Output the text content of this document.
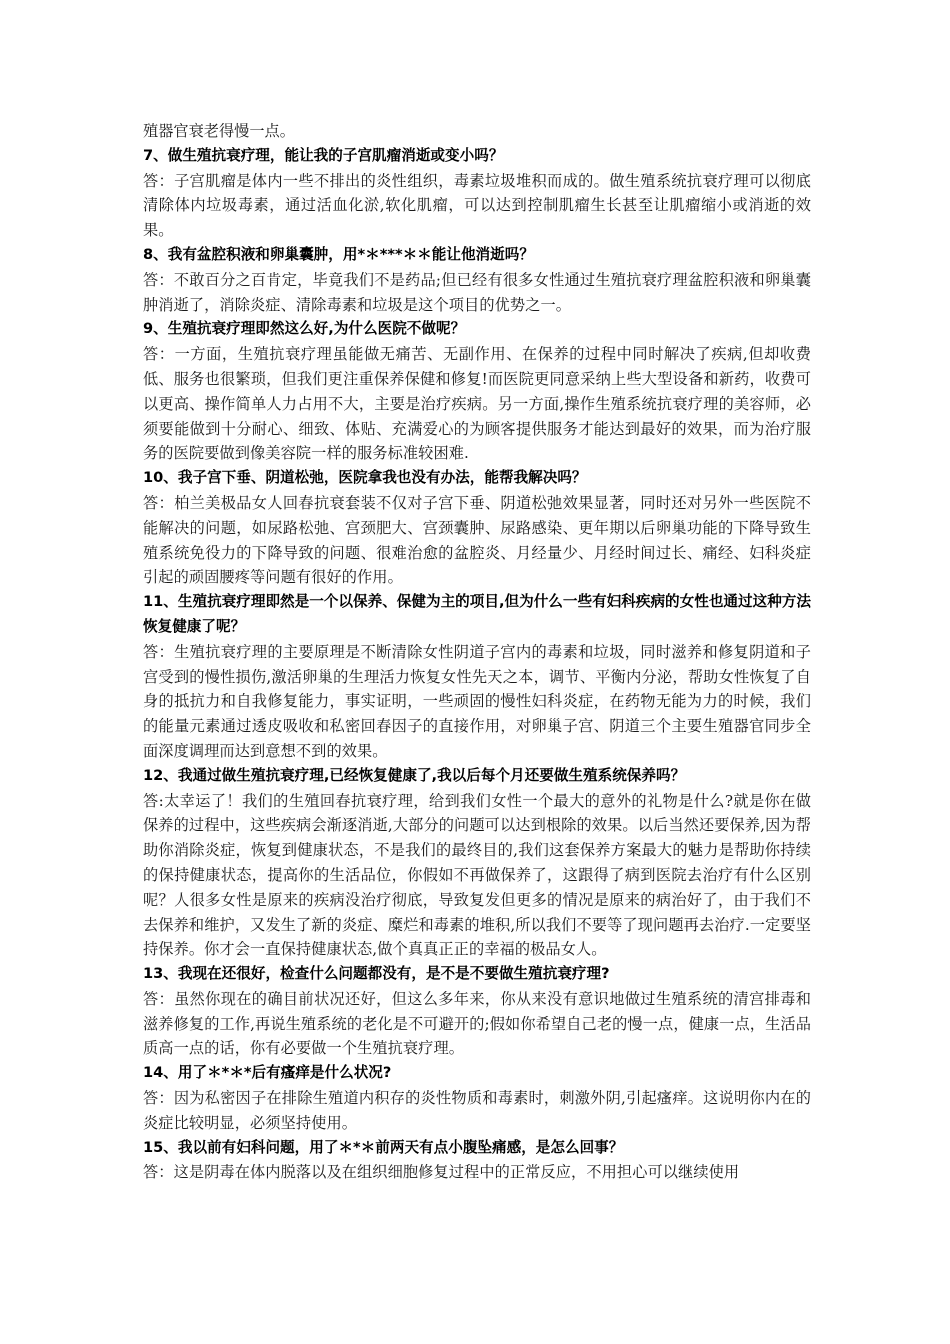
殖器官衰老得慢一点。

7、做生殖抗衰疗理，能让我的子宫肌瘤消逝或变小吗？

答：子宫肌瘤是体内一些不排出的炎性组织，毒素垃圾堆积而成的。做生殖系统抗衰疗理可以彻底清除体内垃圾毒素，通过活血化淤,软化肌瘤，可以达到控制肌瘤生长甚至让肌瘤缩小或消逝的效果。

8、我有盆腔积液和卵巢囊肿，用*＊***＊＊能让他消逝吗？

答：不敢百分之百肯定，毕竟我们不是药品;但已经有很多女性通过生殖抗衰疗理盆腔积液和卵巢囊肿消逝了，消除炎症、清除毒素和垃圾是这个项目的优势之一。

9、生殖抗衰疗理即然这么好,为什么医院不做呢？

答：一方面，生殖抗衰疗理虽能做无痛苦、无副作用、在保养的过程中同时解决了疾病,但却收费低、服务也很繁琐，但我们更注重保养保健和修复!而医院更同意采纳上些大型设备和新药，收费可以更高、操作简单人力占用不大，主要是治疗疾病。另一方面,操作生殖系统抗衰疗理的美容师，必须要能做到十分耐心、细致、体贴、充满爱心的为顾客提供服务才能达到最好的效果，而为治疗服务的医院要做到像美容院一样的服务标准较困难.

10、我子宫下垂、阴道松弛，医院拿我也没有办法，能帮我解决吗？

答：柏兰美极品女人回春抗衰套装不仅对子宫下垂、阴道松弛效果显著，同时还对另外一些医院不能解决的问题，如尿路松弛、宫颈肥大、宫颈囊肿、尿路感染、更年期以后卵巢功能的下降导致生殖系统免役力的下降导致的问题、很难治愈的盆腔炎、月经量少、月经时间过长、痛经、妇科炎症引起的顽固腰疼等问题有很好的作用。

11、生殖抗衰疗理即然是一个以保养、保健为主的项目,但为什么一些有妇科疾病的女性也通过这种方法恢复健康了呢？

答：生殖抗衰疗理的主要原理是不断清除女性阴道子宫内的毒素和垃圾，同时滋养和修复阴道和子宫受到的慢性损伤,激活卵巢的生理活力恢复女性先天之本，调节、平衡内分泌，帮助女性恢复了自身的抵抗力和自我修复能力，事实证明，一些顽固的慢性妇科炎症，在药物无能为力的时候，我们的能量元素通过透皮吸收和私密回春因子的直接作用，对卵巢子宫、阴道三个主要生殖器官同步全面深度调理而达到意想不到的效果。

12、我通过做生殖抗衰疗理,已经恢复健康了,我以后每个月还要做生殖系统保养吗？

答:太幸运了！我们的生殖回春抗衰疗理，给到我们女性一个最大的意外的礼物是什么?就是你在做保养的过程中，这些疾病会渐逐消逝,大部分的问题可以达到根除的效果。以后当然还要保养,因为帮助你消除炎症，恢复到健康状态，不是我们的最终目的,我们这套保养方案最大的魅力是帮助你持续的保持健康状态，提高你的生活品位，你假如不再做保养了，这跟得了病到医院去治疗有什么区别呢？人很多女性是原来的疾病没治疗彻底，导致复发但更多的情况是原来的病治好了，由于我们不去保养和维护，又发生了新的炎症、糜烂和毒素的堆积,所以我们不要等了现问题再去治疗.一定要坚持保养。你才会一直保持健康状态,做个真真正正的幸福的极品女人。

13、我现在还很好，检查什么问题都没有，是不是不要做生殖抗衰疗理?

答：虽然你现在的确目前状况还好，但这么多年来，你从来没有意识地做过生殖系统的清宫排毒和滋养修复的工作,再说生殖系统的老化是不可避开的;假如你希望自己老的慢一点，健康一点，生活品质高一点的话，你有必要做一个生殖抗衰疗理。

14、用了＊*＊*后有瘙痒是什么状况?

答：因为私密因子在排除生殖道内积存的炎性物质和毒素时，刺激外阴,引起瘙痒。这说明你内在的炎症比较明显，必须坚持使用。

15、我以前有妇科问题，用了＊*＊前两天有点小腹坠痛感，是怎么回事？

答：这是阴毒在体内脱落以及在组织细胞修复过程中的正常反应，不用担心可以继续使用
